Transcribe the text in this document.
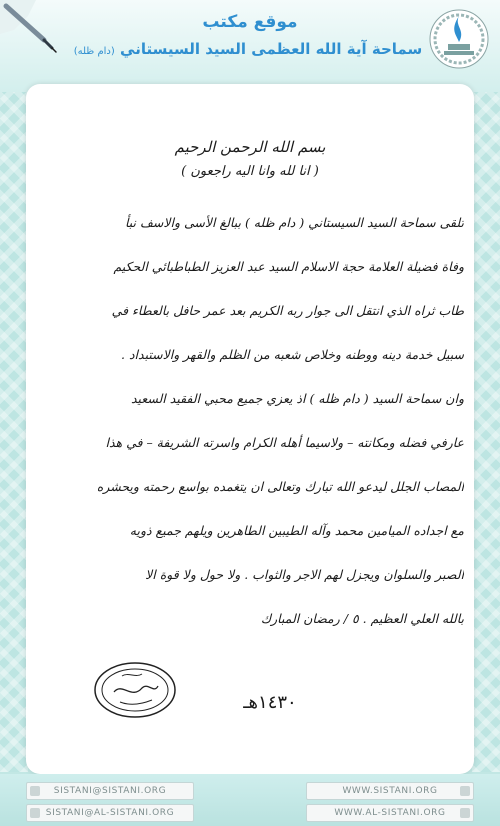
موقع مكتب
سماحة آية الله العظمى السيد السيستاني (دام ظله)
بسم الله الرحمن الرحيم
( انا لله وانا اليه راجعون )
تلقى سماحة السيد السيستاني ( دام ظله ) ببالغ الأسى والاسف نبأ
وفاة فضيلة العلامة حجة الاسلام السيد عبد العزيز الطباطبائي الحكيم
طاب ثراه الذي انتقل الى جوار ربه الكريم بعد عمر حافل بالعطاء في
سبيل خدمة دينه ووطنه وخلاص شعبه من الظلم والقهر والاستبداد .
وان سماحة السيد ( دام ظله ) اذ يعزي جميع محبي الفقيد السعيد
عارفي فضله ومكانته – ولاسيما أهله الكرام واسرته الشريفة – في هذا
المصاب الجلل ليدعو الله تبارك وتعالى ان يتغمده بواسع رحمته ويحشره
مع اجداده الميامين محمد وآله الطيبين الطاهرين ويلهم جميع ذويه
الصبر والسلوان ويجزل لهم الاجر والثواب . ولا حول ولا قوة الا
بالله العلي العظيم . ٥ / رمضان المبارك
١٤٣٠هـ
SISTANI@SISTANI.ORG	WWW.SISTANI.ORG
SISTANI@AL-SISTANI.ORG	WWW.AL-SISTANI.ORG
